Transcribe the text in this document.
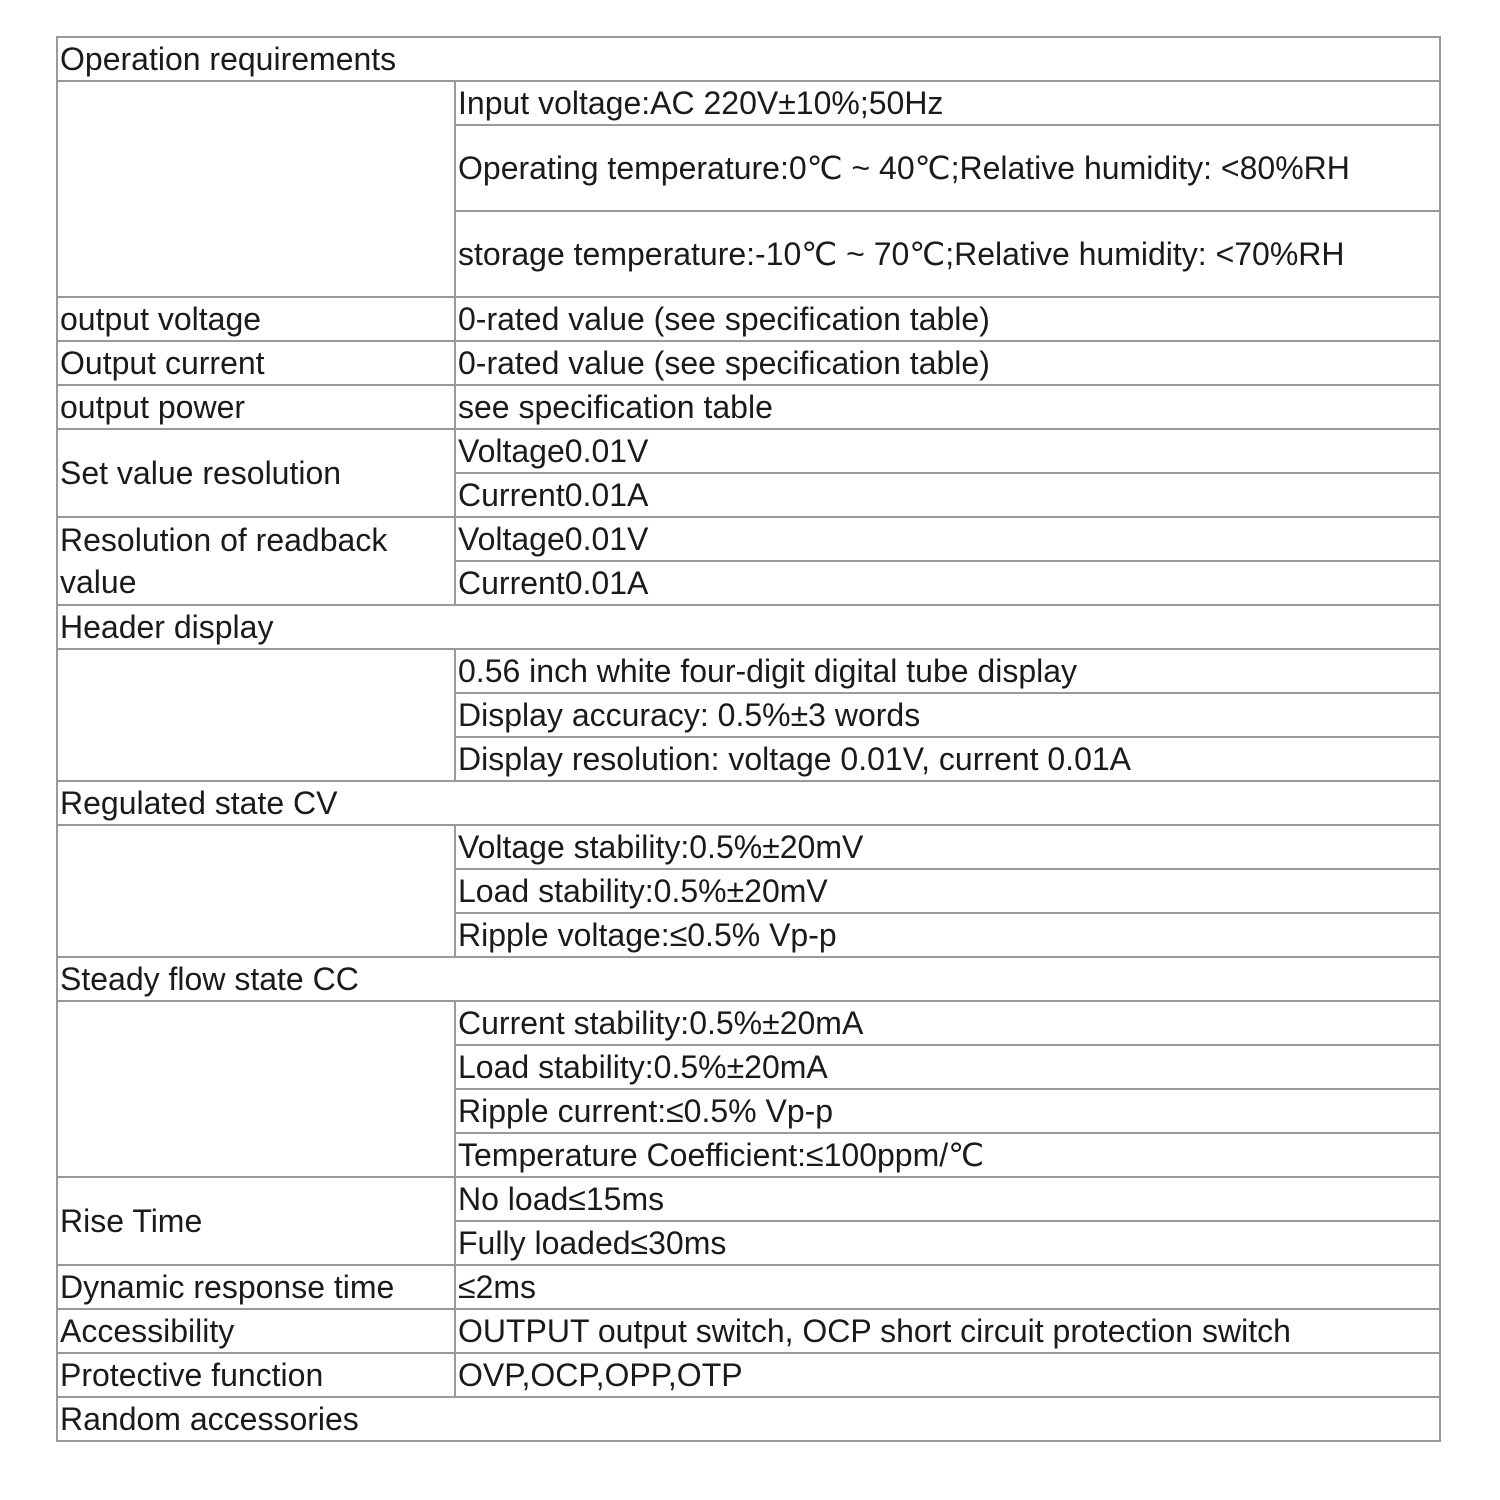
Operation requirements	
	Input voltage:AC 220V±10%;50Hz
	Operating temperature:0℃ ~ 40℃;Relative humidity: <80%RH
	storage temperature:-10℃ ~ 70℃;Relative humidity: <70%RH
output voltage	0-rated value (see specification table)
Output current	0-rated value (see specification table)
output power	see specification table
Set value resolution	Voltage0.01V
	Current0.01A
Resolution of readback value	Voltage0.01V
	Current0.01A
Header display	
	0.56 inch white four-digit digital tube display
	Display accuracy: 0.5%±3 words
	Display resolution: voltage 0.01V, current 0.01A
Regulated state CV	
	Voltage stability:0.5%±20mV
	Load stability:0.5%±20mV
	Ripple voltage:≤0.5% Vp-p
Steady flow state CC	
	Current stability:0.5%±20mA
	Load stability:0.5%±20mA
	Ripple current:≤0.5% Vp-p
	Temperature Coefficient:≤100ppm/℃
Rise Time	No load≤15ms
	Fully loaded≤30ms
Dynamic response time	≤2ms
Accessibility	OUTPUT output switch, OCP short circuit protection switch
Protective function	OVP,OCP,OPP,OTP
Random accessories	
